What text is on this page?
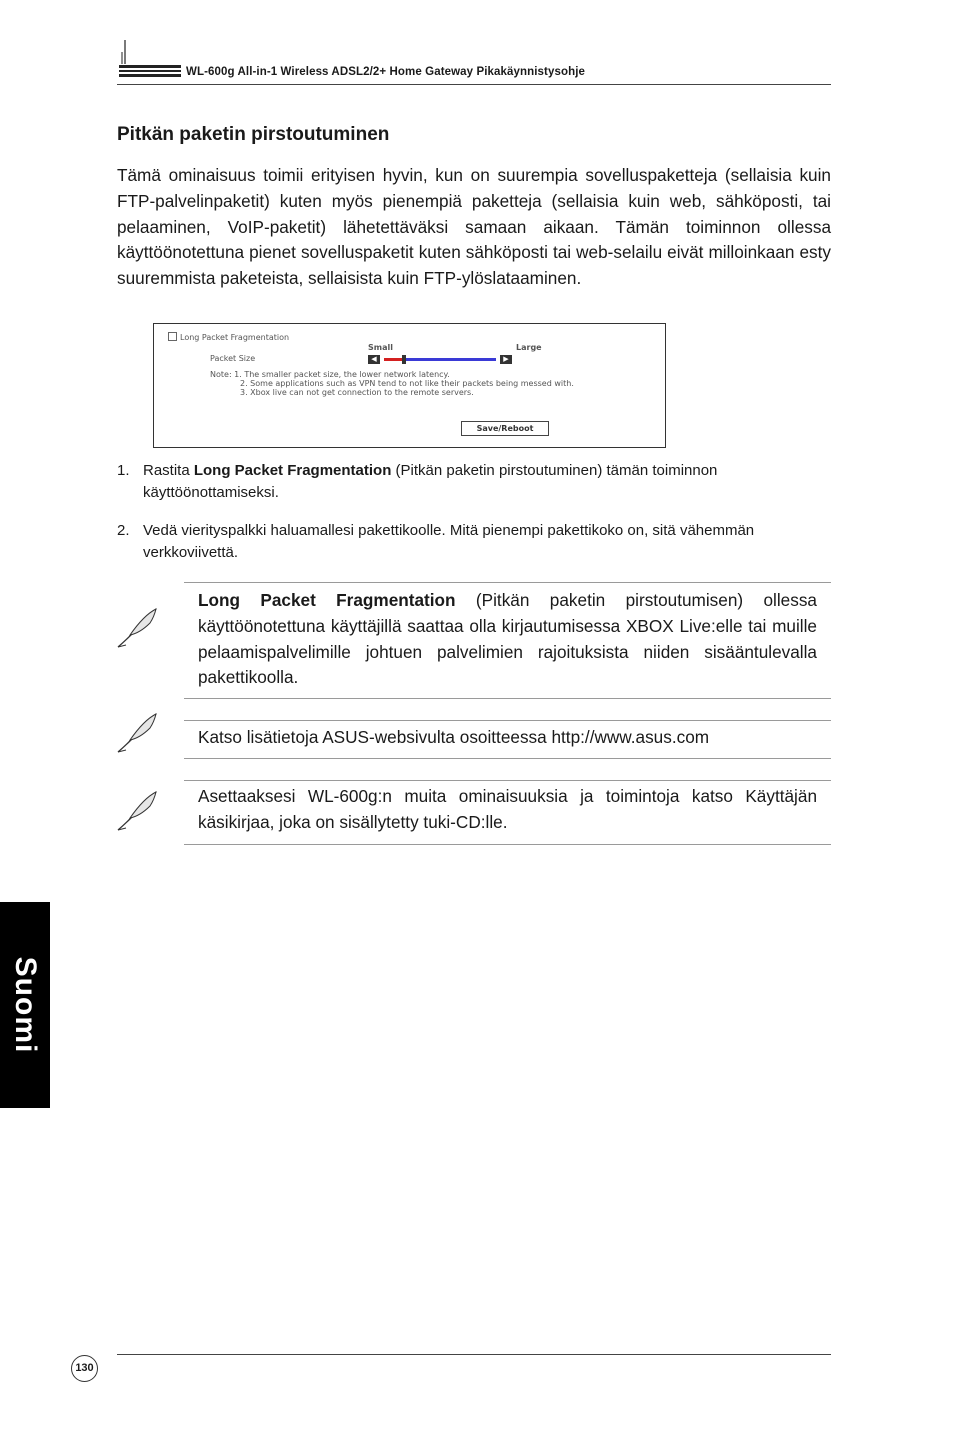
WL-600g All-in-1 Wireless ADSL2/2+ Home Gateway Pikakäynnistysohje
Pitkän paketin pirstoutuminen

Tämä ominaisuus toimii erityisen hyvin, kun on suurempia sovelluspaketteja (sellaisia kuin FTP-palvelinpaketit) kuten myös pienempiä paketteja (sellaisia kuin web, sähköposti, tai pelaaminen, VoIP-paketit) lähetettäväksi samaan aikaan. Tämän toiminnon ollessa käyttöönotettuna pienet sovelluspaketit kuten sähköposti tai web-selailu eivät milloinkaan esty suuremmista paketeista, sellaisista kuin FTP-ylöslataaminen.

Long Packet Fragmentation
Small	Large
Packet Size	◀	▶
Note: 1. The smaller packet size, the lower network latency.
2. Some applications such as VPN tend to not like their packets being messed with.
3. Xbox live can not get connection to the remote servers.
Save/Reboot
1. Rastita Long Packet Fragmentation (Pitkän paketin pirstoutuminen) tämän toiminnon käyttöönottamiseksi.
2. Vedä vierityspalkki haluamallesi pakettikoolle. Mitä pienempi pakettikoko on, sitä vähemmän verkkoviivettä.

Long Packet Fragmentation (Pitkän paketin pirstoutumisen) ollessa käyttöönotettuna käyttäjillä saattaa olla kirjautumisessa XBOX Live:elle tai muille pelaamispalvelimille johtuen palvelimien rajoituksista niiden sisääntulevalla pakettikoolla.

Katso lisätietoja ASUS-websivulta osoitteessa http://www.asus.com

Asettaaksesi WL-600g:n muita ominaisuuksia ja toimintoja katso Käyttäjän käsikirjaa, joka on sisällytetty tuki-CD:lle.

Suomi
130
